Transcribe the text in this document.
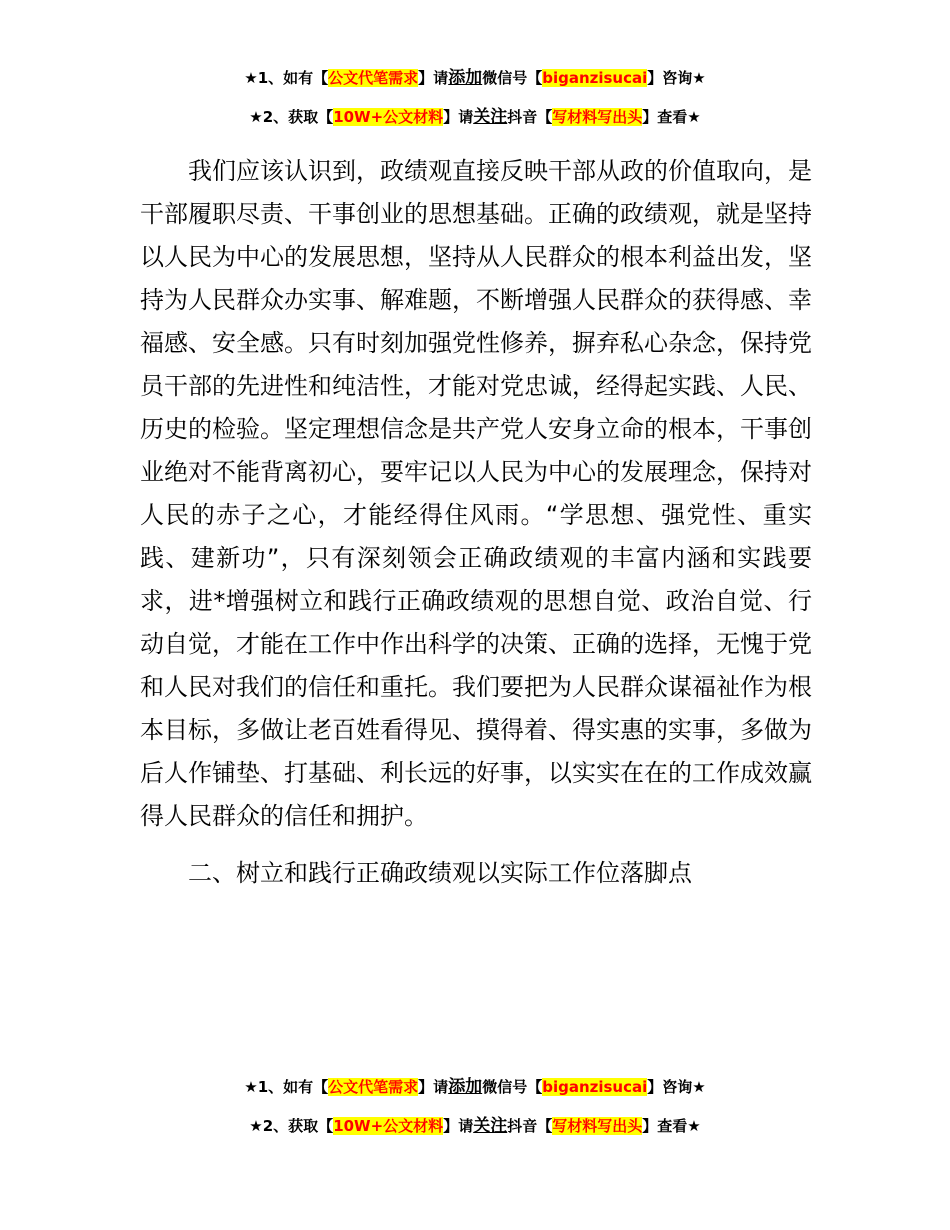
★1、如有【公文代笔需求】请添加微信号【biganzisucai】咨询★
★2、获取【10W+公文材料】请关注抖音【写材料写出头】查看★

我们应该认识到，政绩观直接反映干部从政的价值取向，是干部履职尽责、干事创业的思想基础。正确的政绩观，就是坚持以人民为中心的发展思想，坚持从人民群众的根本利益出发，坚持为人民群众办实事、解难题，不断增强人民群众的获得感、幸福感、安全感。只有时刻加强党性修养，摒弃私心杂念，保持党员干部的先进性和纯洁性，才能对党忠诚，经得起实践、人民、历史的检验。坚定理想信念是共产党人安身立命的根本，干事创业绝对不能背离初心，要牢记以人民为中心的发展理念，保持对人民的赤子之心，才能经得住风雨。“学思想、强党性、重实践、建新功”，只有深刻领会正确政绩观的丰富内涵和实践要求，进*增强树立和践行正确政绩观的思想自觉、政治自觉、行动自觉，才能在工作中作出科学的决策、正确的选择，无愧于党和人民对我们的信任和重托。我们要把为人民群众谋福祉作为根本目标，多做让老百姓看得见、摸得着、得实惠的实事，多做为后人作铺垫、打基础、利长远的好事，以实实在在的工作成效赢得人民群众的信任和拥护。

二、树立和践行正确政绩观以实际工作位落脚点

★1、如有【公文代笔需求】请添加微信号【biganzisucai】咨询★
★2、获取【10W+公文材料】请关注抖音【写材料写出头】查看★
